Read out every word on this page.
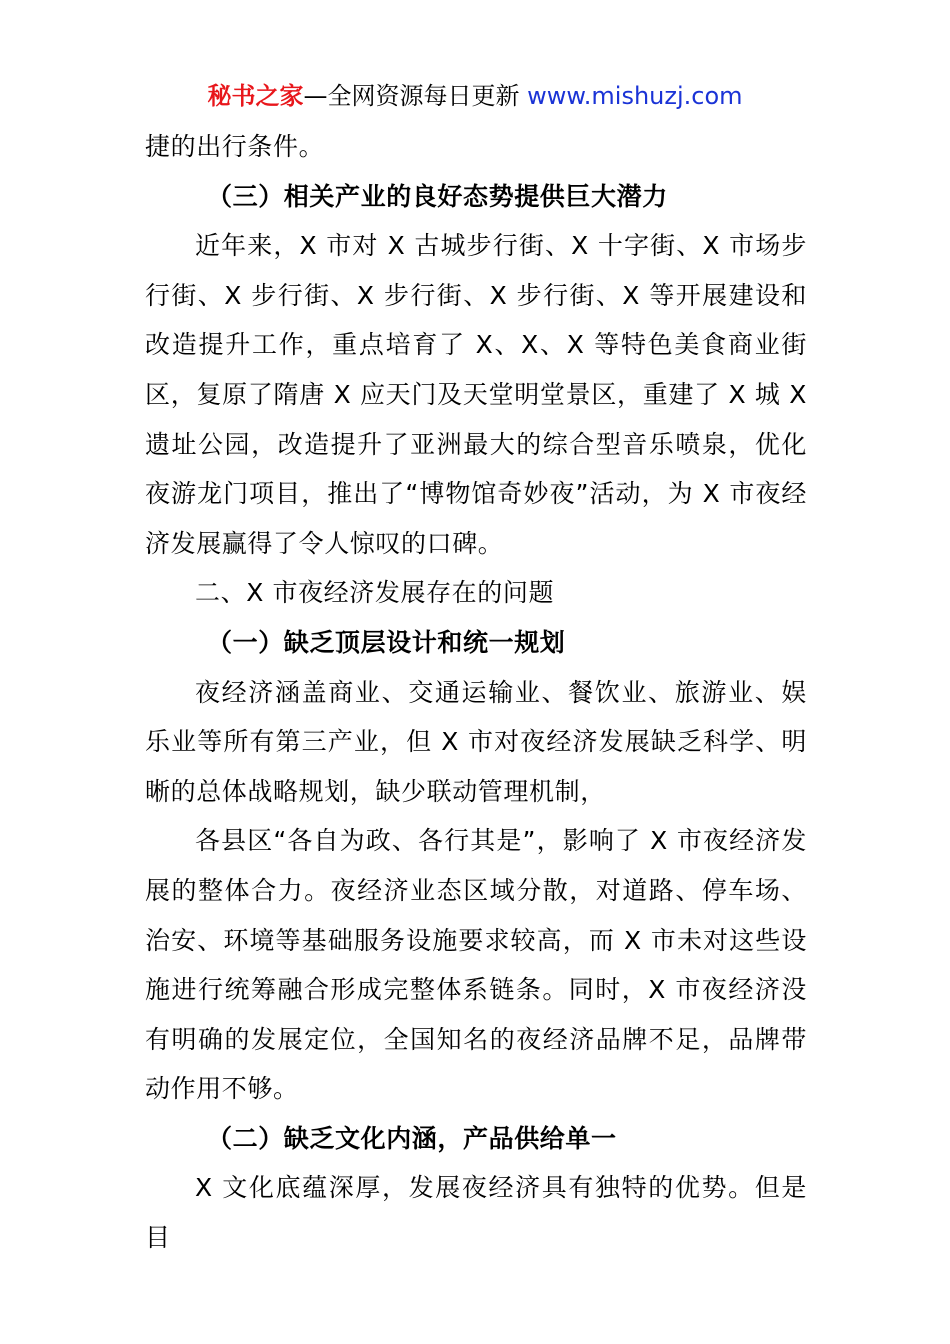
秘书之家—全网资源每日更新 www.mishuzj.com

捷的出行条件。

（三）相关产业的良好态势提供巨大潜力

近年来，X 市对 X 古城步行街、X 十字街、X 市场步行街、X 步行街、X 步行街、X 步行街、X 等开展建设和改造提升工作，重点培育了 X、X、X 等特色美食商业街区，复原了隋唐 X 应天门及天堂明堂景区，重建了 X 城 X 遗址公园，改造提升了亚洲最大的综合型音乐喷泉，优化夜游龙门项目，推出了“博物馆奇妙夜”活动，为 X 市夜经济发展赢得了令人惊叹的口碑。

二、X 市夜经济发展存在的问题

（一）缺乏顶层设计和统一规划

夜经济涵盖商业、交通运输业、餐饮业、旅游业、娱乐业等所有第三产业，但 X 市对夜经济发展缺乏科学、明晰的总体战略规划，缺少联动管理机制，

各县区“各自为政、各行其是”，影响了 X 市夜经济发展的整体合力。夜经济业态区域分散，对道路、停车场、治安、环境等基础服务设施要求较高，而 X 市未对这些设施进行统筹融合形成完整体系链条。同时，X 市夜经济没有明确的发展定位，全国知名的夜经济品牌不足，品牌带动作用不够。

（二）缺乏文化内涵，产品供给单一

X 文化底蕴深厚，发展夜经济具有独特的优势。但是目
